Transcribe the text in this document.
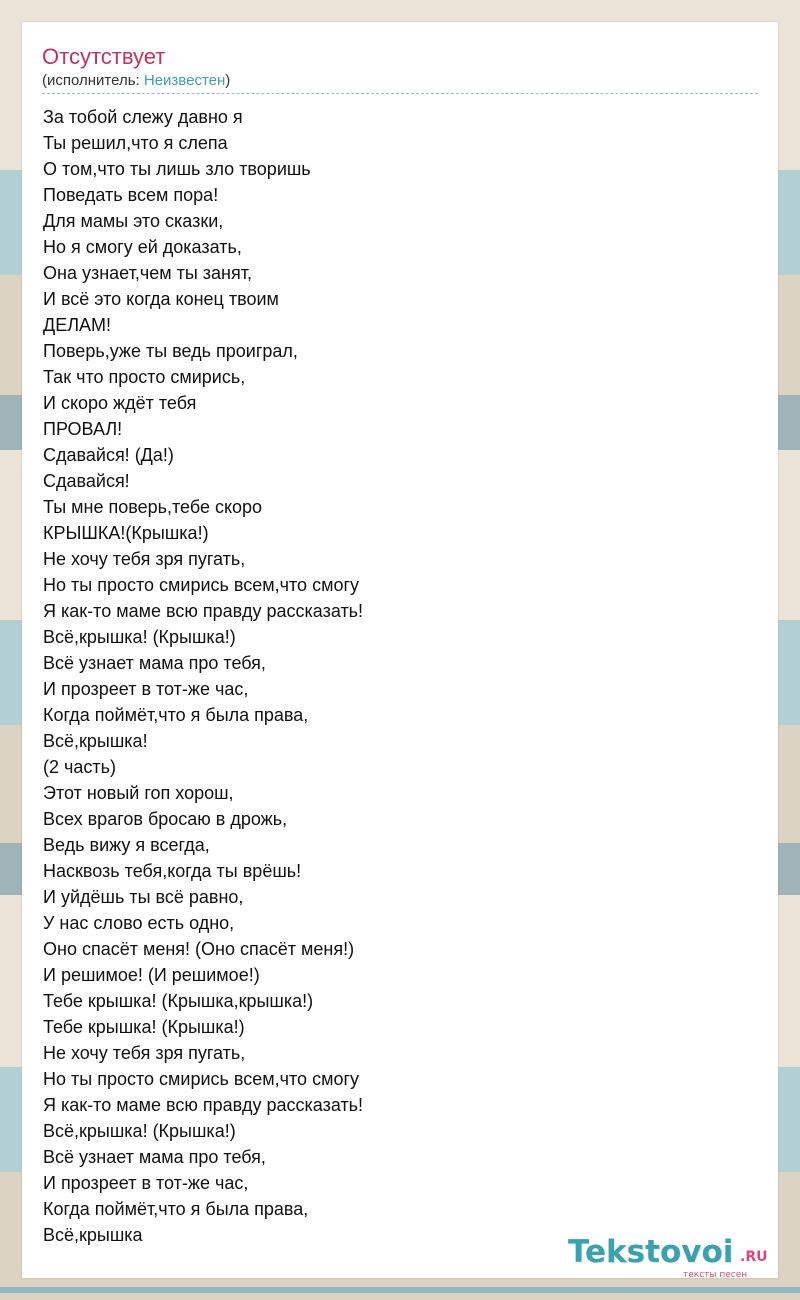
Отсутствует
(исполнитель: Неизвестен)
За тобой слежу давно я
Ты решил,что я слепа
О том,что ты лишь зло творишь
Поведать всем пора!
Для мамы это сказки,
Но я смогу ей доказать,
Она узнает,чем ты занят,
И всё это когда конец твоим
ДЕЛАМ!
Поверь,уже ты ведь проиграл,
Так что просто смирись,
И скоро ждёт тебя
ПРОВАЛ!
Сдавайся! (Да!)
Сдавайся!
Ты мне поверь,тебе скоро
КРЫШКА!(Крышка!)
Не хочу тебя зря пугать,
Но ты просто смирись всем,что смогу
Я как-то маме всю правду рассказать!
Всё,крышка! (Крышка!)
Всё узнает мама про тебя,
И прозреет в тот-же час,
Когда поймёт,что я была права,
Всё,крышка!
(2 часть)
Этот новый гоп хорош,
Всех врагов бросаю в дрожь,
Ведь вижу я всегда,
Насквозь тебя,когда ты врёшь!
И уйдёшь ты всё равно,
У нас слово есть одно,
Оно спасёт меня! (Оно спасёт меня!)
И решимое! (И решимое!)
Тебе крышка! (Крышка,крышка!)
Тебе крышка! (Крышка!)
Не хочу тебя зря пугать,
Но ты просто смирись всем,что смогу
Я как-то маме всю правду рассказать!
Всё,крышка! (Крышка!)
Всё узнает мама про тебя,
И прозреет в тот-же час,
Когда поймёт,что я была права,
Всё,крышка	Tekstovoi .RU
тексты песен
